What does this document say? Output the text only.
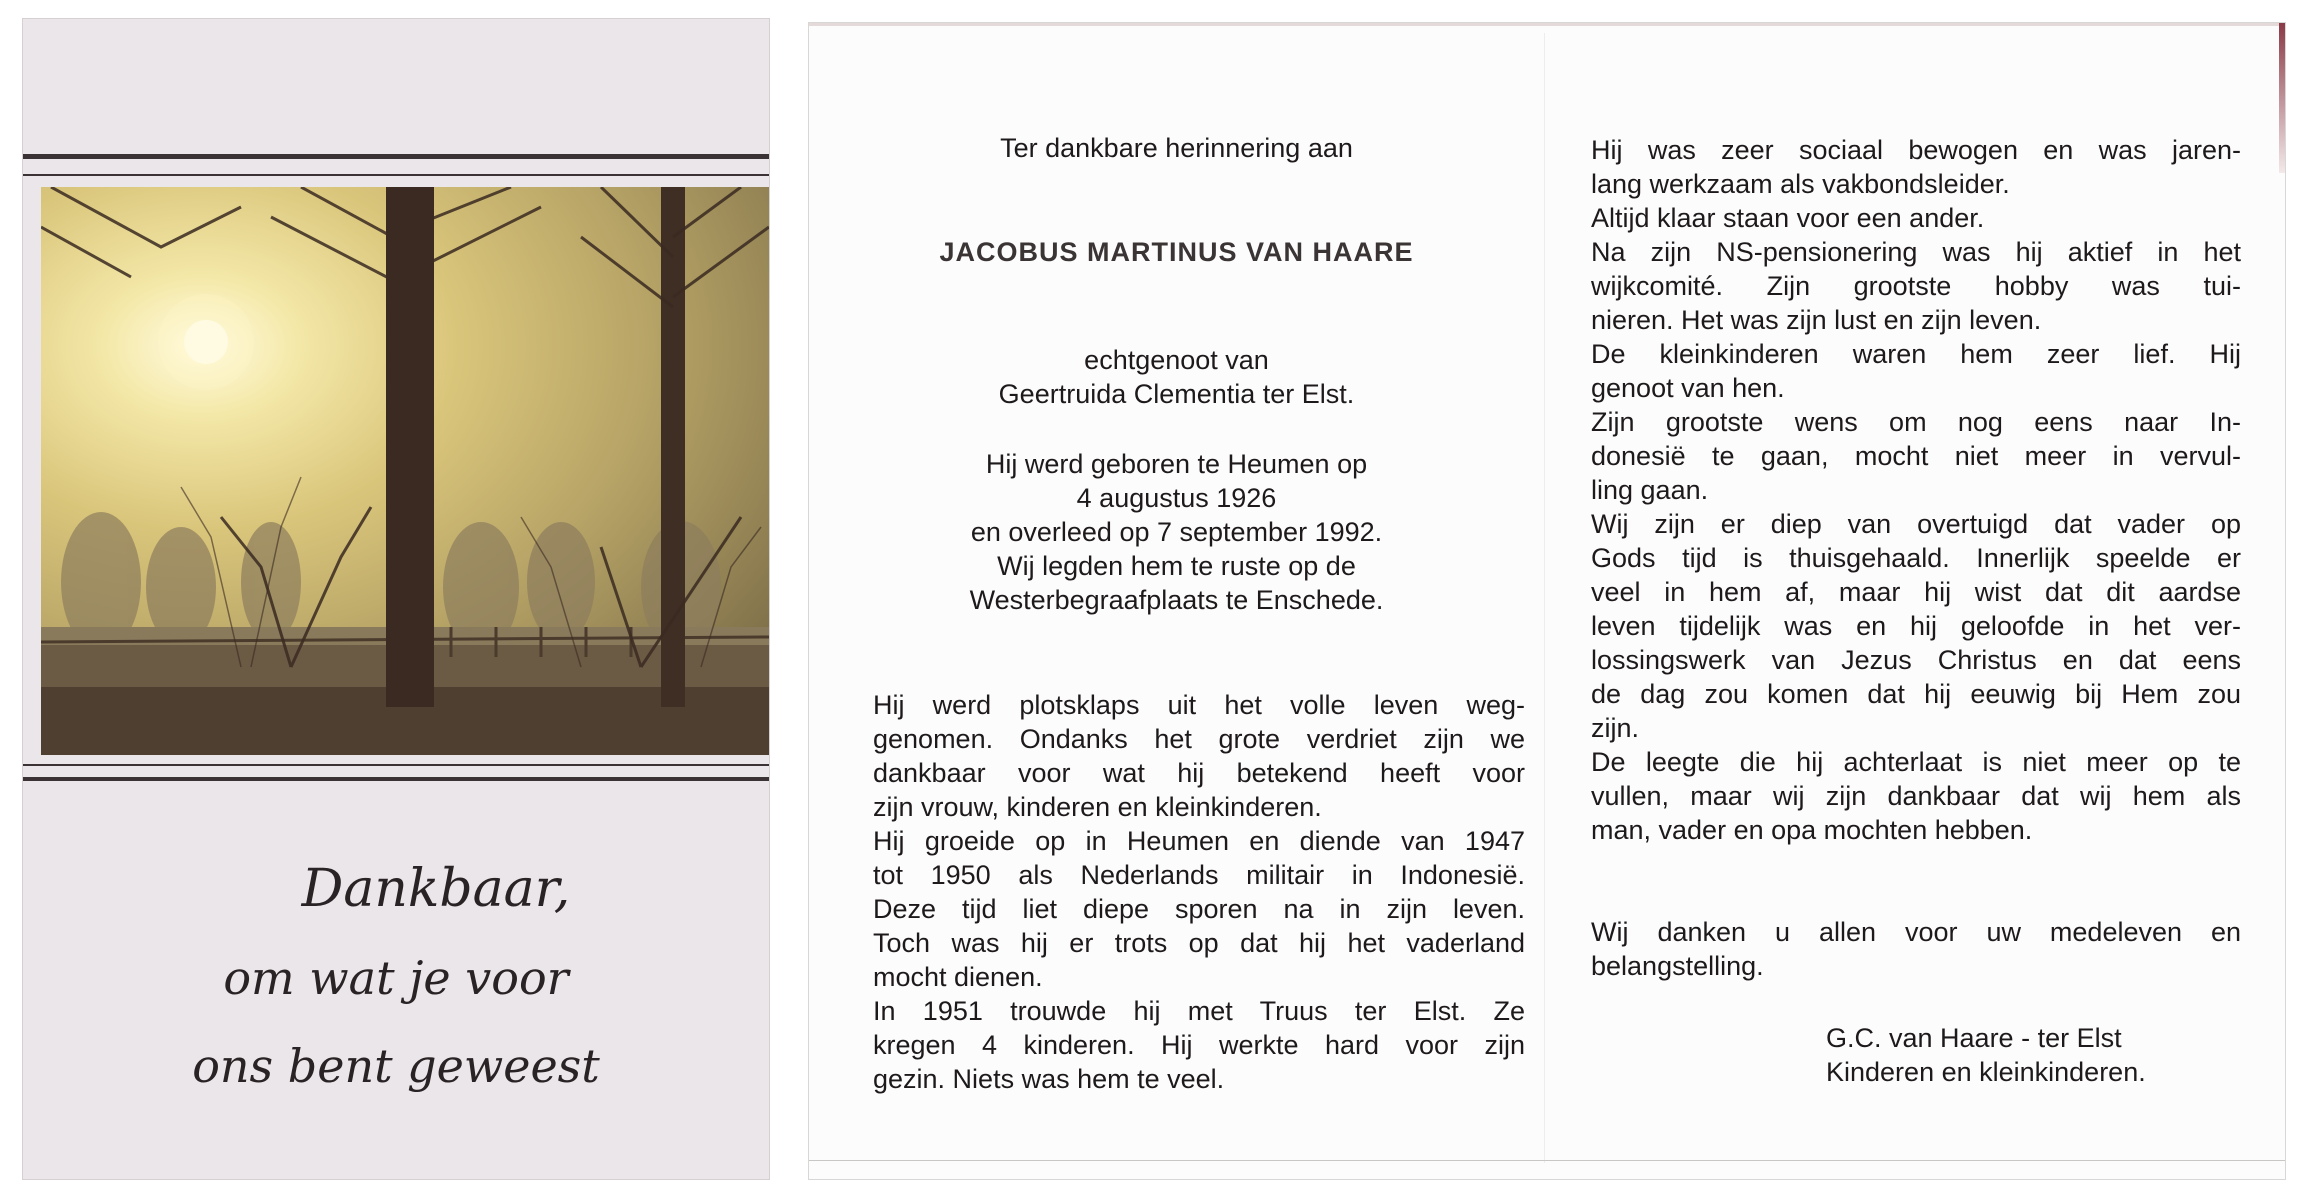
Dankbaar,
om wat je voor
ons bent geweest
Ter dankbare herinnering aan
JACOBUS MARTINUS VAN HAARE
echtgenoot van
Geertruida Clementia ter Elst.
Hij werd geboren te Heumen op
4 augustus 1926
en overleed op 7 september 1992.
Wij legden hem te ruste op de
Westerbegraafplaats te Enschede.
Hij werd plotsklaps uit het volle leven weg-
genomen. Ondanks het grote verdriet zijn we
dankbaar voor wat hij betekend heeft voor
zijn vrouw, kinderen en kleinkinderen.
Hij groeide op in Heumen en diende van 1947
tot 1950 als Nederlands militair in Indonesië.
Deze tijd liet diepe sporen na in zijn leven.
Toch was hij er trots op dat hij het vaderland
mocht dienen.
In 1951 trouwde hij met Truus ter Elst. Ze
kregen 4 kinderen. Hij werkte hard voor zijn
gezin. Niets was hem te veel.
Hij was zeer sociaal bewogen en was jaren-
lang werkzaam als vakbondsleider.
Altijd klaar staan voor een ander.
Na zijn NS-pensionering was hij aktief in het
wijkcomité. Zijn grootste hobby was tui-
nieren. Het was zijn lust en zijn leven.
De kleinkinderen waren hem zeer lief. Hij
genoot van hen.
Zijn grootste wens om nog eens naar In-
donesië te gaan, mocht niet meer in vervul-
ling gaan.
Wij zijn er diep van overtuigd dat vader op
Gods tijd is thuisgehaald. Innerlijk speelde er
veel in hem af, maar hij wist dat dit aardse
leven tijdelijk was en hij geloofde in het ver-
lossingswerk van Jezus Christus en dat eens
de dag zou komen dat hij eeuwig bij Hem zou
zijn.
De leegte die hij achterlaat is niet meer op te
vullen, maar wij zijn dankbaar dat wij hem als
man, vader en opa mochten hebben.
Wij danken u allen voor uw medeleven en
belangstelling.
G.C. van Haare - ter Elst
Kinderen en kleinkinderen.
